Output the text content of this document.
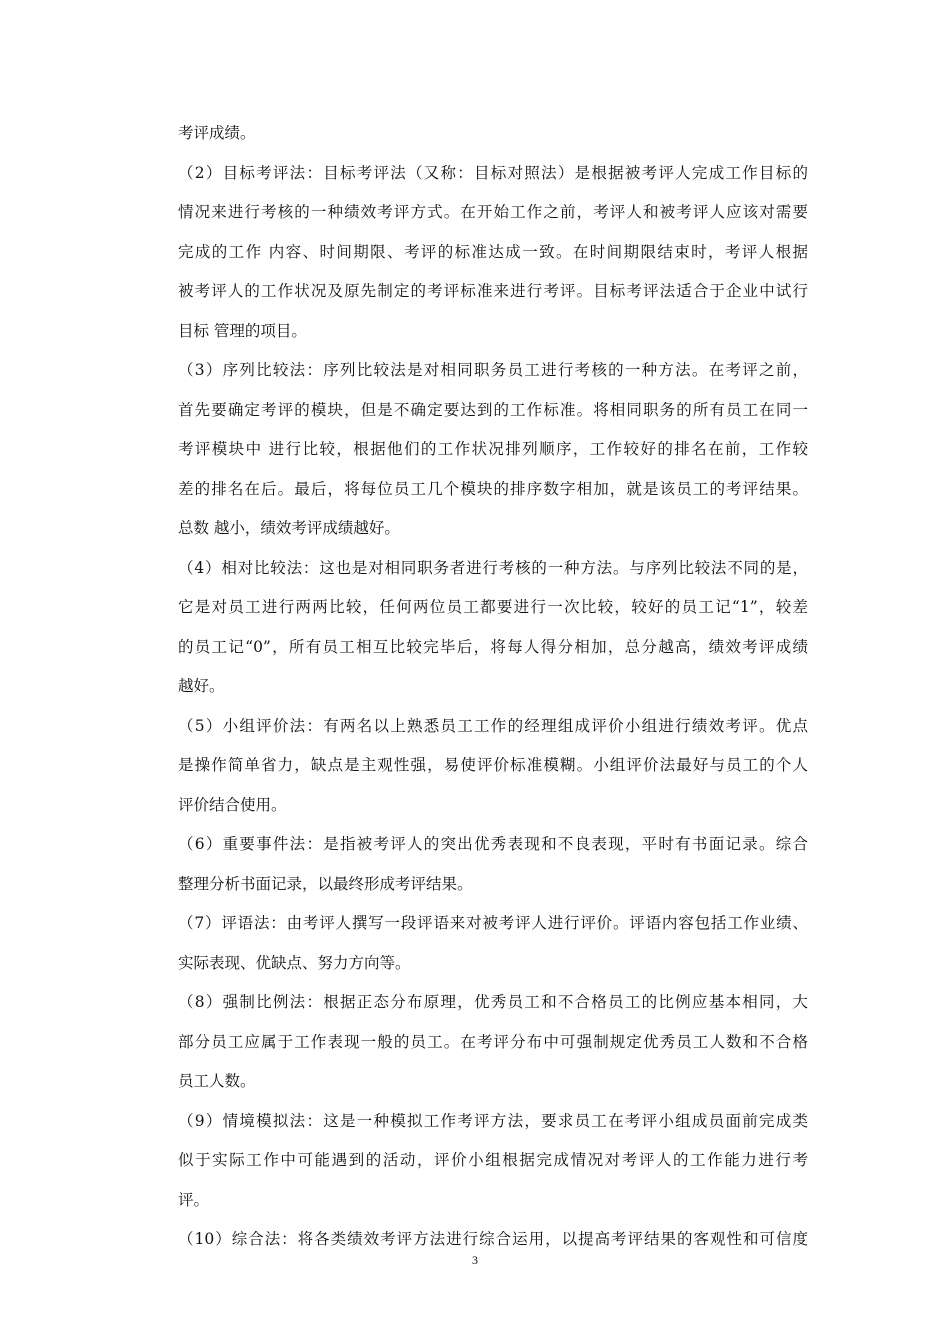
考评成绩。
（2）目标考评法：目标考评法（又称：目标对照法）是根据被考评人完成工作目标的
情况来进行考核的一种绩效考评方式。在开始工作之前，考评人和被考评人应该对需要
完成的工作 内容、时间期限、考评的标准达成一致。在时间期限结束时，考评人根据
被考评人的工作状况及原先制定的考评标准来进行考评。目标考评法适合于企业中试行
目标 管理的项目。
（3）序列比较法：序列比较法是对相同职务员工进行考核的一种方法。在考评之前，
首先要确定考评的模块，但是不确定要达到的工作标准。将相同职务的所有员工在同一
考评模块中 进行比较，根据他们的工作状况排列顺序，工作较好的排名在前，工作较
差的排名在后。最后，将每位员工几个模块的排序数字相加，就是该员工的考评结果。
总数 越小，绩效考评成绩越好。
（4）相对比较法：这也是对相同职务者进行考核的一种方法。与序列比较法不同的是，
它是对员工进行两两比较，任何两位员工都要进行一次比较，较好的员工记“1”，较差
的员工记“0”，所有员工相互比较完毕后，将每人得分相加，总分越高，绩效考评成绩
越好。
（5）小组评价法：有两名以上熟悉员工工作的经理组成评价小组进行绩效考评。优点
是操作简单省力，缺点是主观性强，易使评价标准模糊。小组评价法最好与员工的个人
评价结合使用。
（6）重要事件法：是指被考评人的突出优秀表现和不良表现，平时有书面记录。综合
整理分析书面记录，以最终形成考评结果。
（7）评语法：由考评人撰写一段评语来对被考评人进行评价。评语内容包括工作业绩、
实际表现、优缺点、努力方向等。
（8）强制比例法：根据正态分布原理，优秀员工和不合格员工的比例应基本相同，大
部分员工应属于工作表现一般的员工。在考评分布中可强制规定优秀员工人数和不合格
员工人数。
（9）情境模拟法：这是一种模拟工作考评方法，要求员工在考评小组成员面前完成类
似于实际工作中可能遇到的活动，评价小组根据完成情况对考评人的工作能力进行考
评。
（10）综合法：将各类绩效考评方法进行综合运用，以提高考评结果的客观性和可信度
3
